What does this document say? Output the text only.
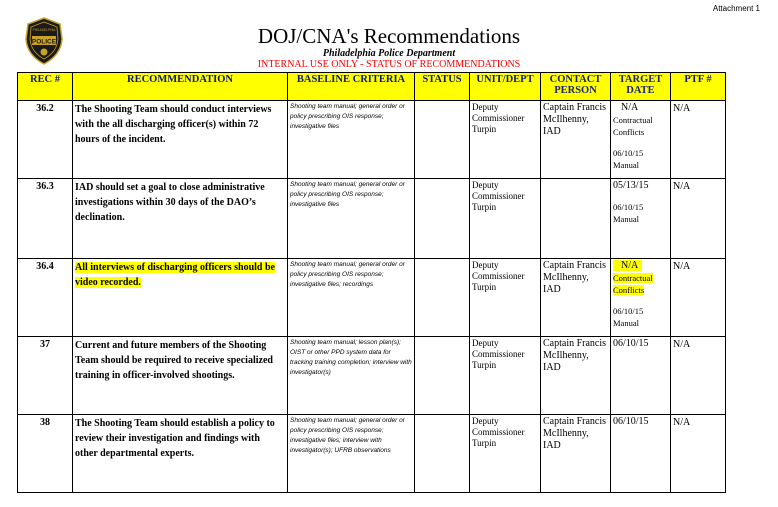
Attachment 1
POLICE
PHILADELPHIA	DOJ/CNA's Recommendations
Philadelphia Police Department
INTERNAL USE ONLY - STATUS OF RECOMMENDATIONS
REC #	RECOMMENDATION	BASELINE CRITERIA	STATUS	UNIT/DEPT	CONTACT PERSON	TARGET DATE	PTF #
36.2	The Shooting Team should conduct interviews with the all discharging officer(s) within 72 hours of the incident.	Shooting team manual; general order or policy prescribing OIS response; investigative files		Deputy Commissioner Turpin	Captain Francis McIlhenny, IAD	N/A
Contractual Conflicts
06/10/15
Manual	N/A
36.3	IAD should set a goal to close administrative investigations within 30 days of the DAO’s declination.	Shooting team manual; general order or policy prescribing OIS response; investigative files		Deputy Commissioner Turpin		05/13/15
06/10/15
Manual	N/A
36.4	All interviews of discharging officers should be video recorded.	Shooting team manual; general order or policy prescribing OIS response; investigative files; recordings		Deputy Commissioner Turpin	Captain Francis McIlhenny, IAD	N/A
Contractual Conflicts
06/10/15
Manual	N/A
37	Current and future members of the Shooting Team should be required to receive specialized training in officer-involved shootings.	Shooting team manual; lesson plan(s); OIST or other PPD system data for tracking training completion; interview with investigator(s)		Deputy Commissioner Turpin	Captain Francis McIlhenny, IAD	06/10/15	N/A
38	The Shooting Team should establish a policy to review their investigation and findings with other departmental experts.	Shooting team manual; general order or policy prescribing OIS response; investigative files; interview with investigator(s); UFRB observations		Deputy Commissioner Turpin	Captain Francis McIlhenny, IAD	06/10/15	N/A
